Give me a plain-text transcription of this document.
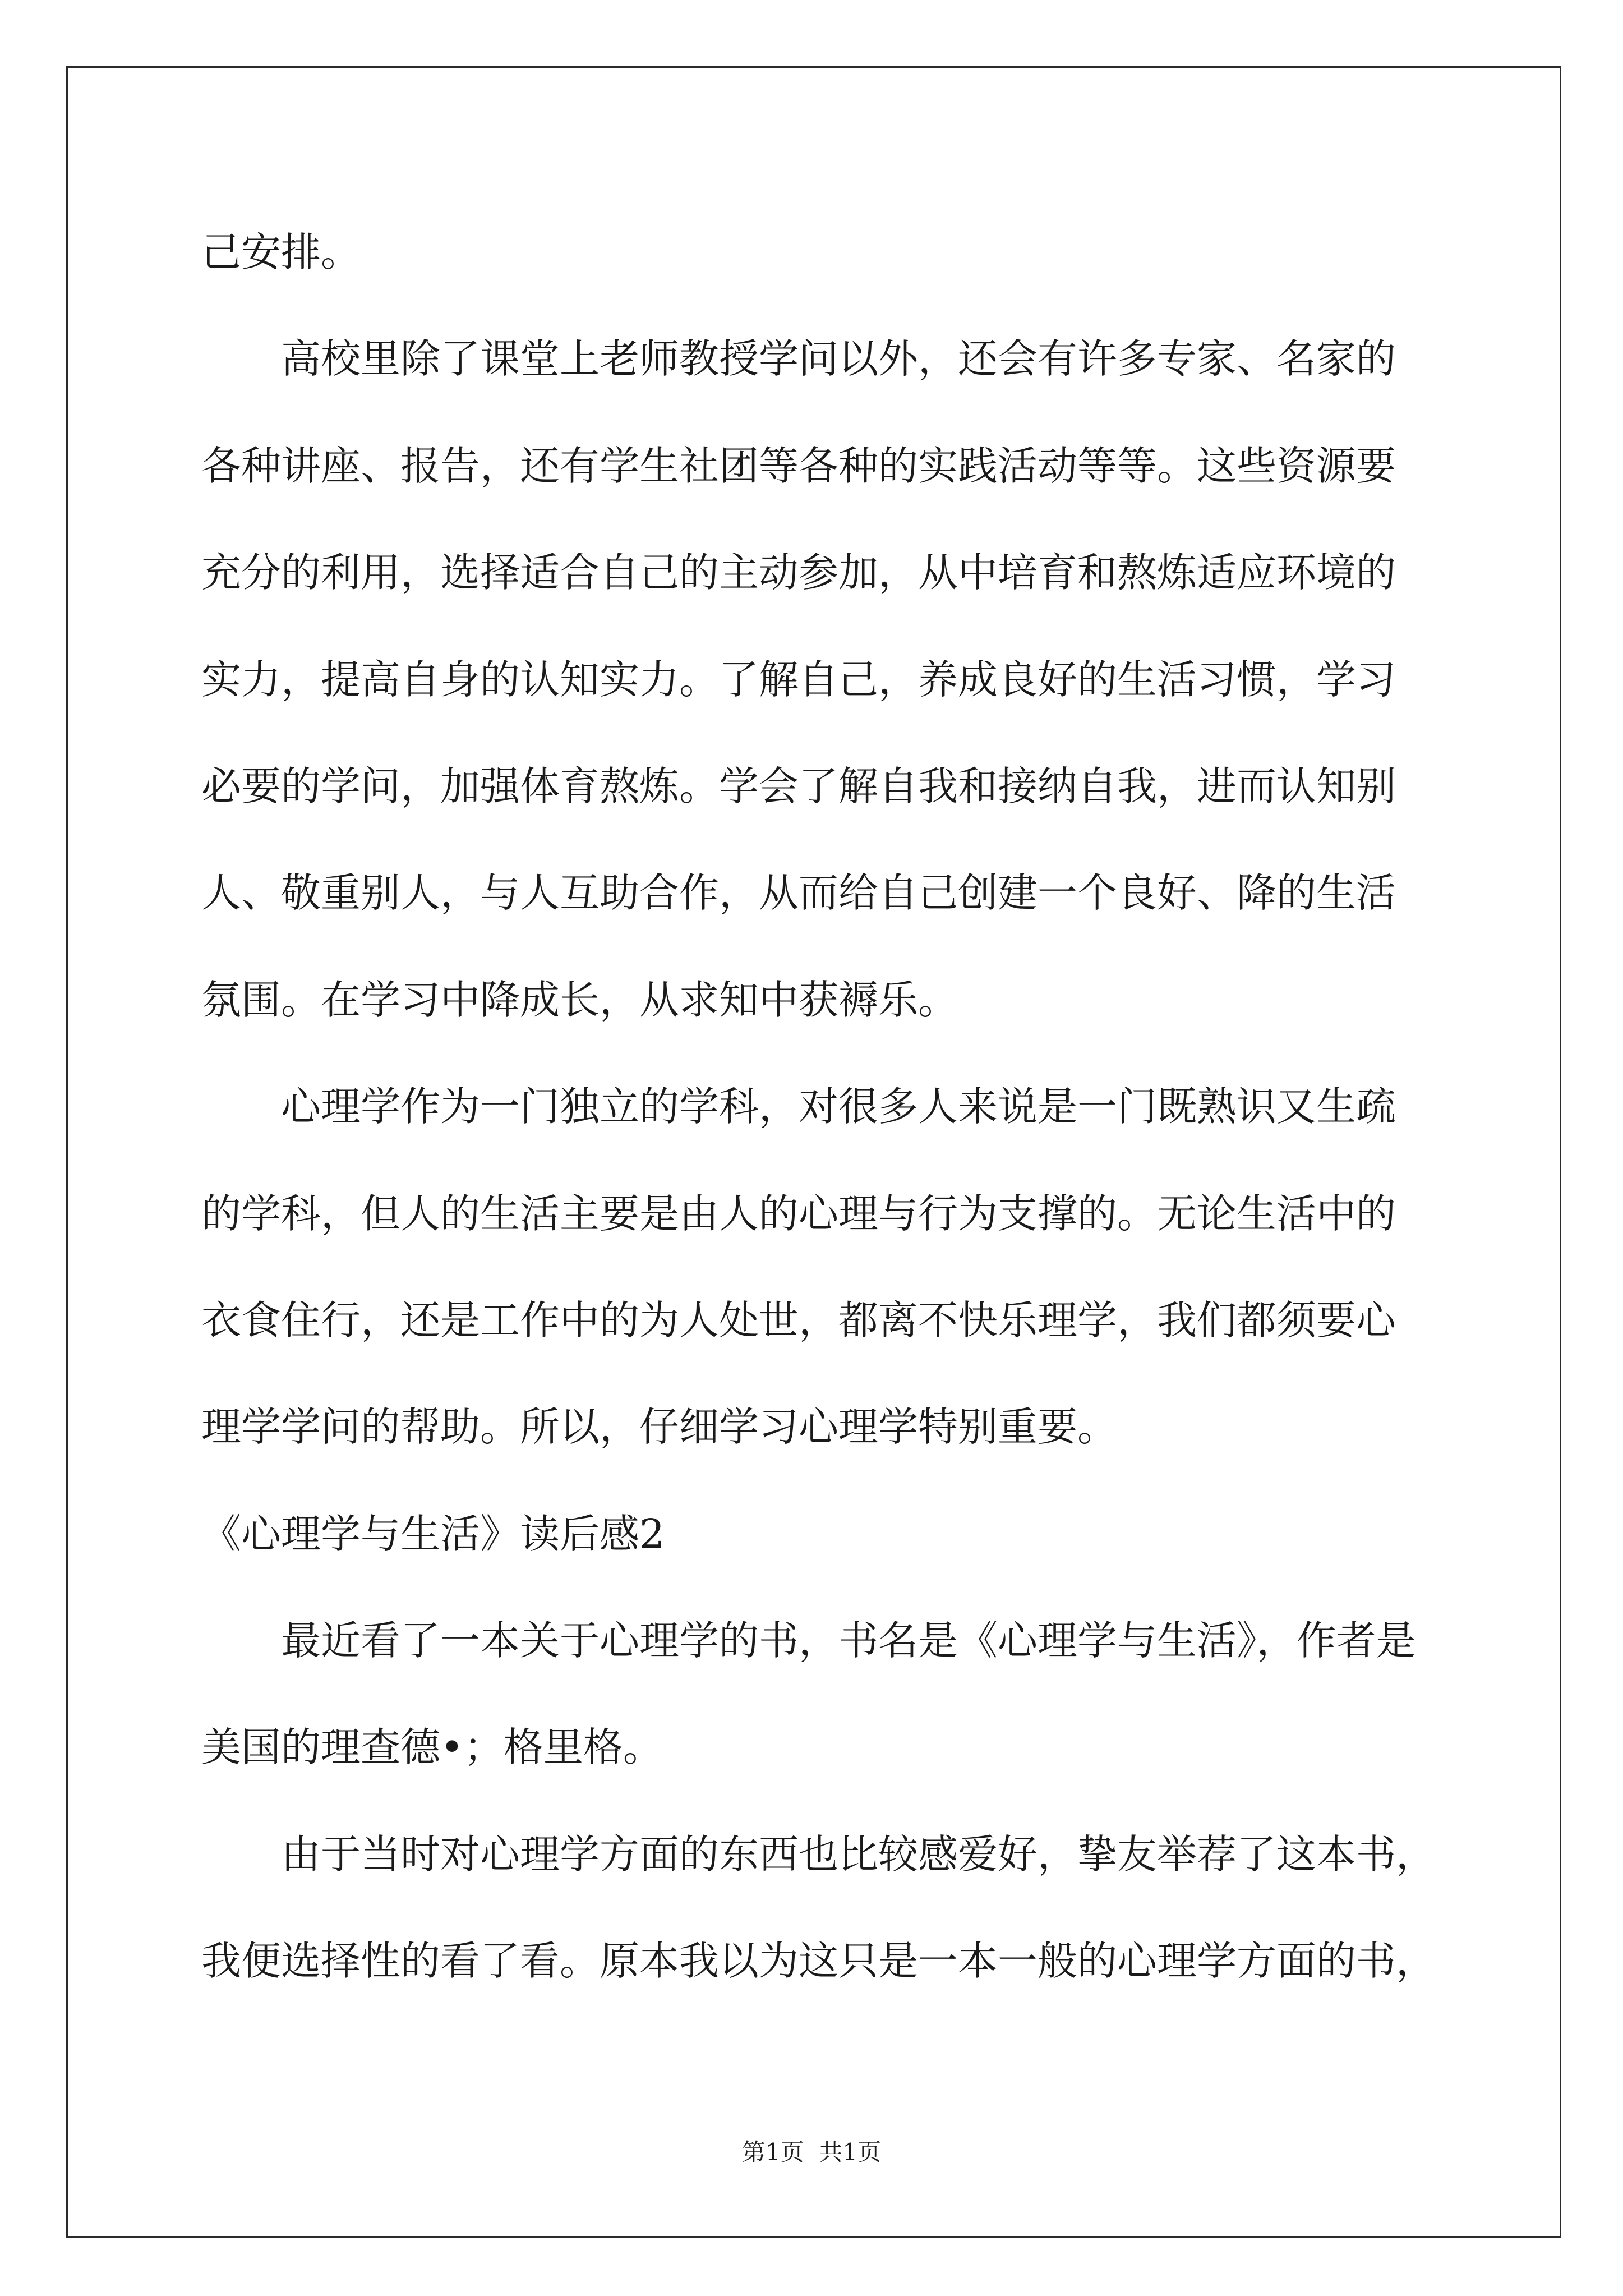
己安排。
高校里除了课堂上老师教授学问以外，还会有许多专家、名家的
各种讲座、报告，还有学生社团等各种的实践活动等等。这些资源要
充分的利用，选择适合自己的主动参加，从中培育和熬炼适应环境的
实力，提高自身的认知实力。了解自己，养成良好的生活习惯，学习
必要的学问，加强体育熬炼。学会了解自我和接纳自我，进而认知别
人、敬重别人，与人互助合作，从而给自己创建一个良好、降的生活
氛围。在学习中降成长，从求知中获褥乐。
心理学作为一门独立的学科，对很多人来说是一门既熟识又生疏
的学科，但人的生活主要是由人的心理与行为支撑的。无论生活中的
衣食住行，还是工作中的为人处世，都离不快乐理学，我们都须要心
理学学问的帮助。所以，仔细学习心理学特别重要。
《心理学与生活》读后感2
最近看了一本关于心理学的书，书名是《心理学与生活》，作者是
美国的理查德•；格里格。
由于当时对心理学方面的东西也比较感爱好，挚友举荐了这本书，
我便选择性的看了看。原本我以为这只是一本一般的心理学方面的书，
第1页  共1页
